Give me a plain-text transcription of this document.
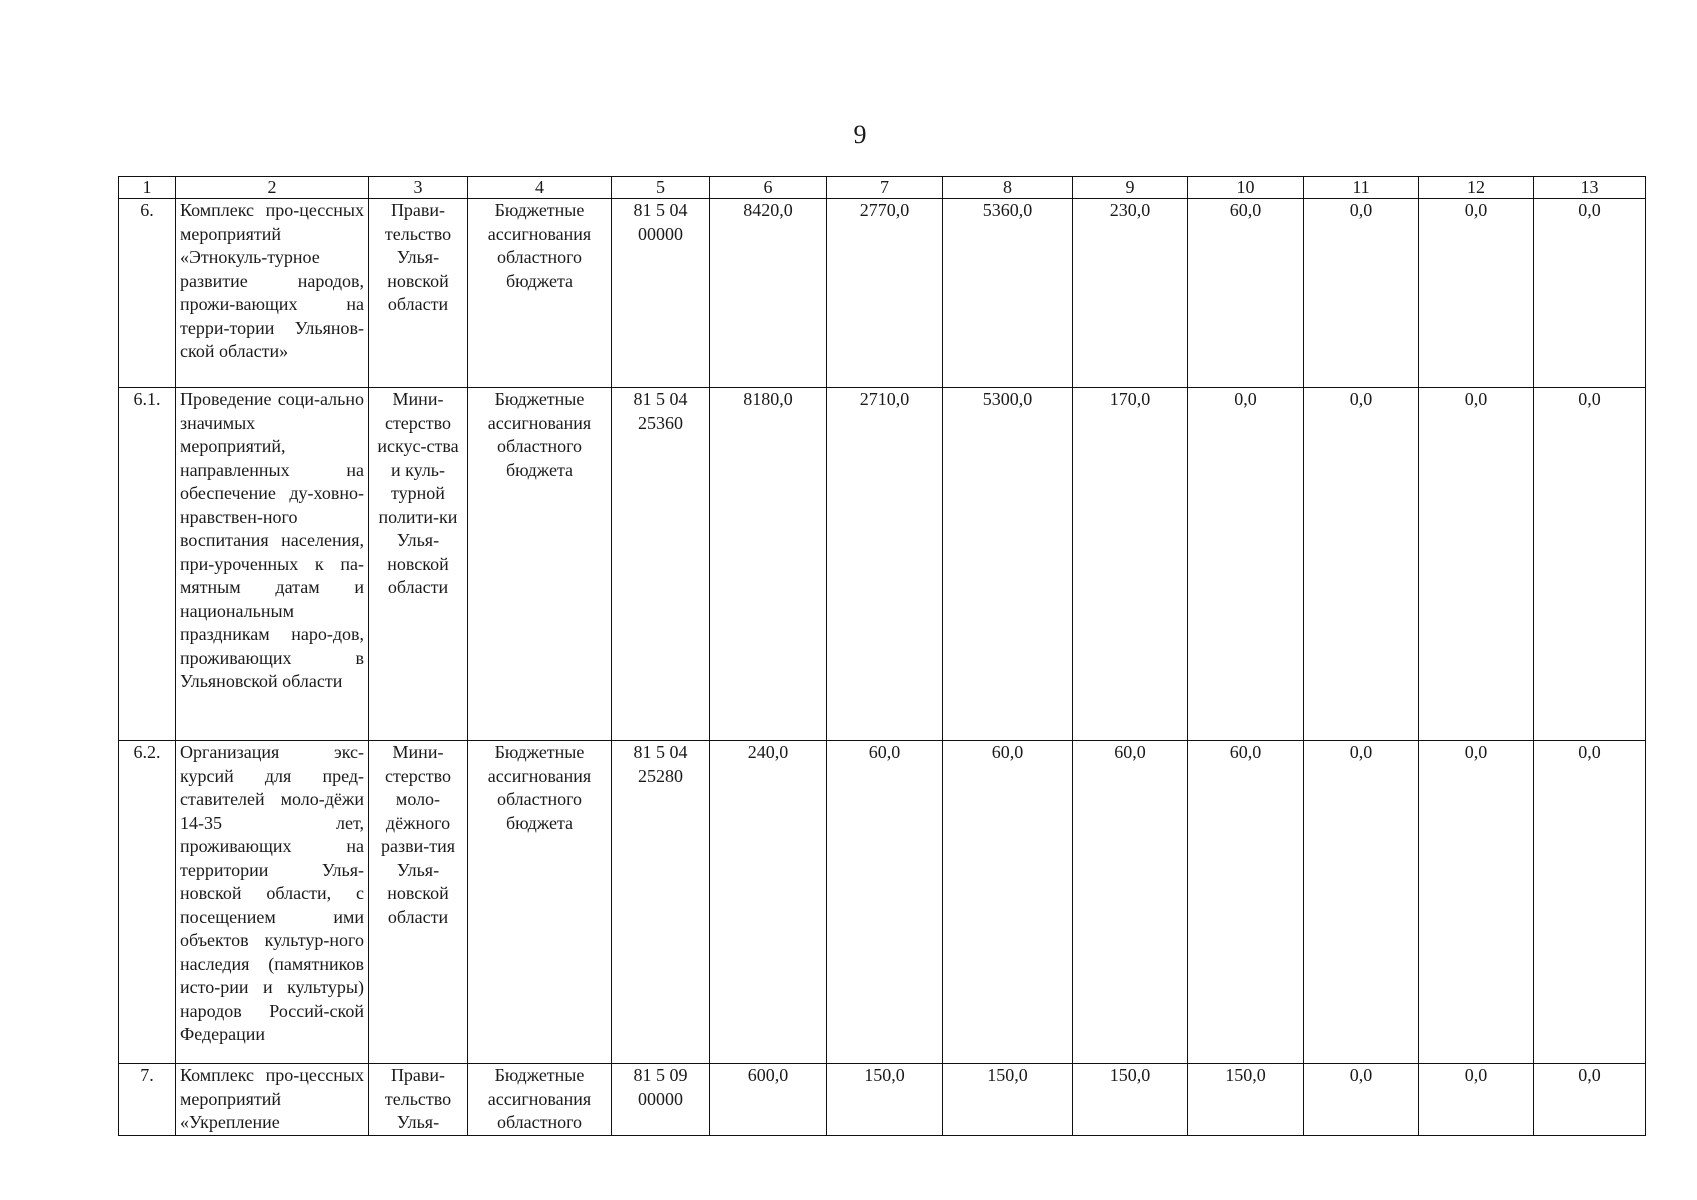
9
1	2	3	4	5	6	7	8	9	10	11	12	13
6.	Комплекс про-цессных мероприятий «Этнокуль-турное развитие народов, прожи-вающих на терри-тории Ульянов-ской области»	Прави-тельство Улья-новской области	Бюджетные ассигнования областного бюджета	81 5 04 00000	8420,0	2770,0	5360,0	230,0	60,0	0,0	0,0	0,0
6.1.	Проведение соци-ально значимых мероприятий, направленных на обеспечение ду-ховно-нравствен-ного воспитания населения, при-уроченных к па-мятным датам и национальным праздникам наро-дов, проживающих в Ульяновской области	Мини-стерство искус-ства и куль-турной полити-ки Улья-новской области	Бюджетные ассигнования областного бюджета	81 5 04 25360	8180,0	2710,0	5300,0	170,0	0,0	0,0	0,0	0,0
6.2.	Организация экс-курсий для пред-ставителей моло-дёжи 14-35 лет, проживающих на территории Улья-новской области, с посещением ими объектов культур-ного наследия (памятников исто-рии и культуры) народов Россий-ской Федерации	Мини-стерство моло-дёжного разви-тия Улья-новской области	Бюджетные ассигнования областного бюджета	81 5 04 25280	240,0	60,0	60,0	60,0	60,0	0,0	0,0	0,0
7.	Комплекс про-цессных мероприятий «Укрепление	Прави-тельство Улья-	Бюджетные ассигнования областного	81 5 09 00000	600,0	150,0	150,0	150,0	150,0	0,0	0,0	0,0
